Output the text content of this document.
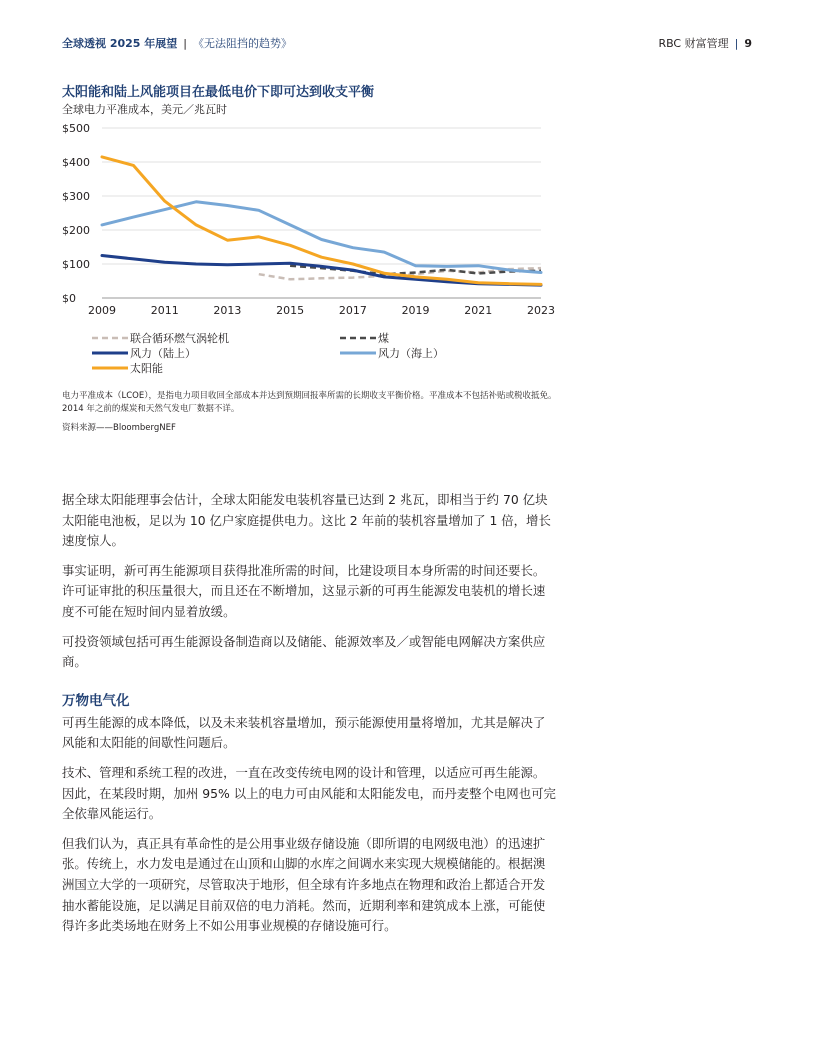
全球透视 2025 年展望 | 《无法阻挡的趋势》	RBC 财富管理 | 9
太阳能和陆上风能项目在最低电价下即可达到收支平衡
全球电力平准成本，美元／兆瓦时
$0
$100
$200
$300
$400
$500
2009	2011	2013	2015	2017	2019	2021	2023
联合循环燃气涡轮机	煤
风力（陆上）	风力（海上）
太阳能
电力平准成本（LCOE），是指电力项目收回全部成本并达到预期回报率所需的长期收支平衡价格。平准成本不包括补贴或税收抵免。2014 年之前的煤炭和天然气发电厂数据不详。
资料来源——BloombergNEF

据全球太阳能理事会估计，全球太阳能发电装机容量已达到 2 兆瓦，即相当于约 70 亿块太阳能电池板，足以为 10 亿户家庭提供电力。这比 2 年前的装机容量增加了 1 倍，增长速度惊人。

事实证明，新可再生能源项目获得批准所需的时间，比建设项目本身所需的时间还要长。许可证审批的积压量很大，而且还在不断增加，这显示新的可再生能源发电装机的增长速度不可能在短时间内显着放缓。

可投资领域包括可再生能源设备制造商以及储能、能源效率及／或智能电网解决方案供应商。

万物电气化

可再生能源的成本降低，以及未来装机容量增加，预示能源使用量将增加，尤其是解决了风能和太阳能的间歇性问题后。

技术、管理和系统工程的改进，一直在改变传统电网的设计和管理，以适应可再生能源。因此，在某段时期，加州 95% 以上的电力可由风能和太阳能发电，而丹麦整个电网也可完全依靠风能运行。

但我们认为，真正具有革命性的是公用事业级存储设施（即所谓的电网级电池）的迅速扩张。传统上，水力发电是通过在山顶和山脚的水库之间调水来实现大规模储能的。根据澳洲国立大学的一项研究，尽管取决于地形，但全球有许多地点在物理和政治上都适合开发抽水蓄能设施，足以满足目前双倍的电力消耗。然而，近期利率和建筑成本上涨，可能使得许多此类场地在财务上不如公用事业规模的存储设施可行。
